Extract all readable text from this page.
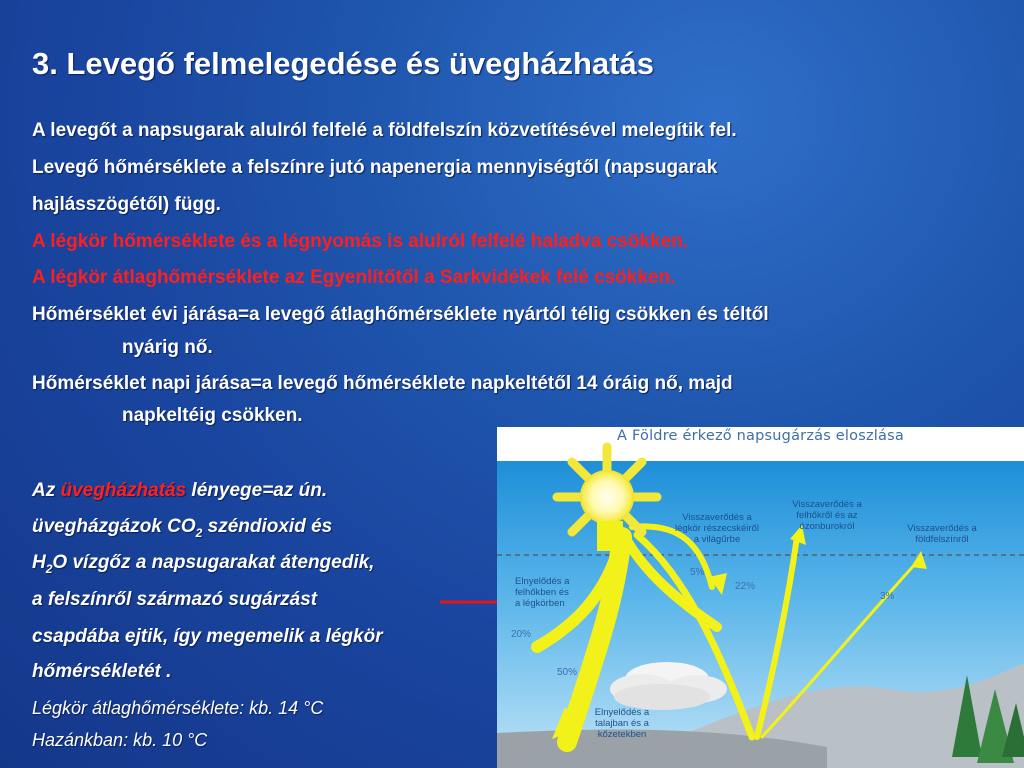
3. Levegő felmelegedése és üvegházhatás
A levegőt a napsugarak alulról felfelé a földfelszín közvetítésével melegítik fel.
Levegő hőmérséklete a felszínre jutó napenergia mennyiségtől (napsugarak
hajlásszögétől) függ.
A légkör hőmérséklete és a légnyomás is alulról felfelé haladva csökken.
A légkör átlaghőmérséklete az Egyenlítőtől a Sarkvidékek felé csökken.
Hőmérséklet évi járása=a levegő átlaghőmérséklete nyártól télig csökken és téltől
nyárig nő.
Hőmérséklet napi járása=a levegő hőmérséklete napkeltétől 14 óráig nő, majd
napkeltéig csökken.
Az üvegházhatás lényege=az ún.
üvegházgázok $CO_2$ széndioxid és
$H_2O$ vízgőz a napsugarakat átengedik,
a felszínről származó sugárzást
csapdába ejtik, így megemelik a légkör
hőmérsékletét .
Légkör átlaghőmérséklete: kb. 14 °C
Hazánkban: kb. 10 °C
A Földre érkező napsugárzás eloszlása
Visszaverődés a légkör részecskéiről a világűrbe
Visszaverődés a felhőkről és az ózonburokról	Visszaverődés a földfelszínről
Elnyelődés a talajban és a kőzetekben
Elnyelődés a felhőkben és a légkörben
5%
22%
3%
20%
50%
